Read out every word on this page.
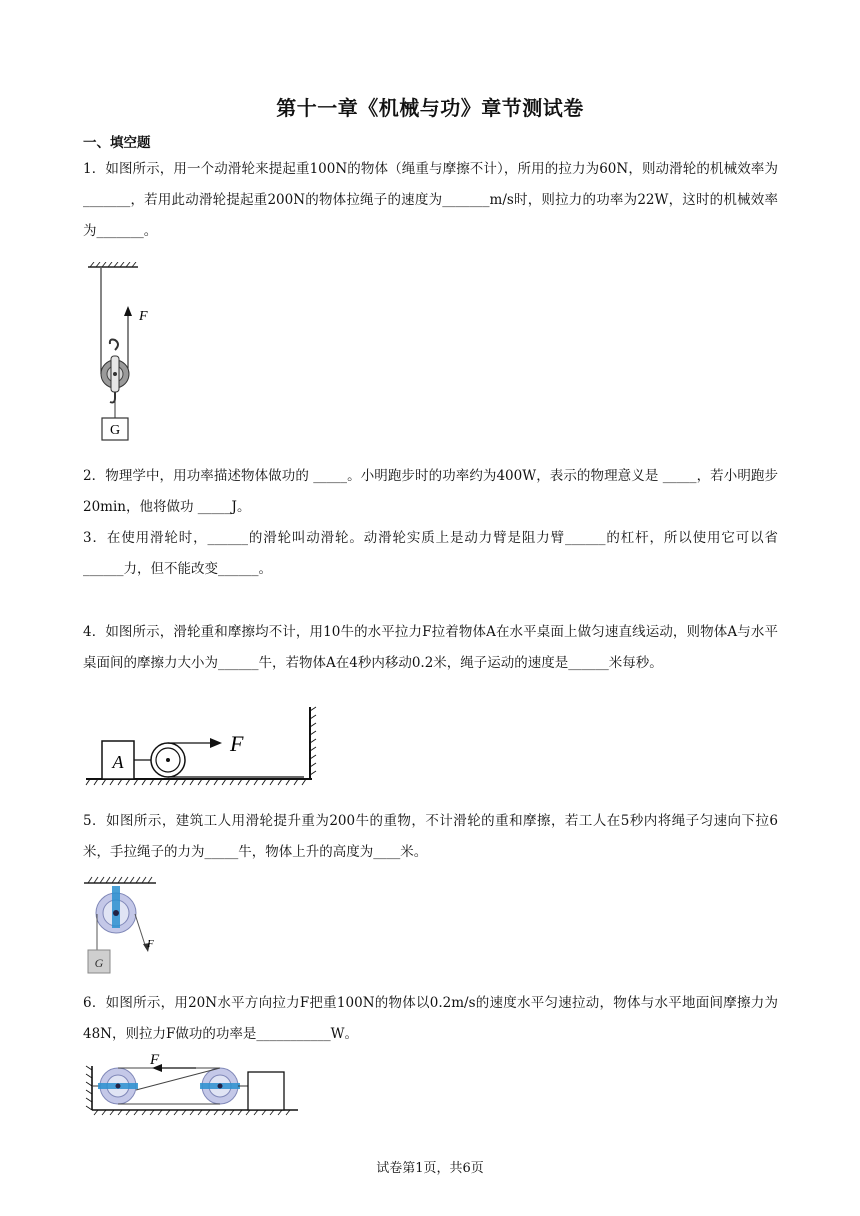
第十一章《机械与功》章节测试卷
一、填空题
1．如图所示，用一个动滑轮来提起重100N的物体（绳重与摩擦不计），所用的拉力为60N，则动滑轮的机械效率为_______，若用此动滑轮提起重200N的物体拉绳子的速度为_______m/s时，则拉力的功率为22W，这时的机械效率为_______。
F
G
2．物理学中，用功率描述物体做功的 _____。小明跑步时的功率约为400W，表示的物理意义是 _____，若小明跑步20min，他将做功 _____J。
3．在使用滑轮时，______的滑轮叫动滑轮。动滑轮实质上是动力臂是阻力臂______的杠杆，所以使用它可以省______力，但不能改变______。
4．如图所示，滑轮重和摩擦均不计，用10牛的水平拉力F拉着物体A在水平桌面上做匀速直线运动，则物体A与水平桌面间的摩擦力大小为______牛，若物体A在4秒内移动0.2米，绳子运动的速度是______米每秒。
A
F
5．如图所示，建筑工人用滑轮提升重为200牛的重物，不计滑轮的重和摩擦，若工人在5秒内将绳子匀速向下拉6米，手拉绳子的力为_____牛，物体上升的高度为____米。
F
G
6．如图所示，用20N水平方向拉力F把重100N的物体以0.2m/s的速度水平匀速拉动，物体与水平地面间摩擦力为48N，则拉力F做功的功率是___________W。
F
试卷第1页，共6页
